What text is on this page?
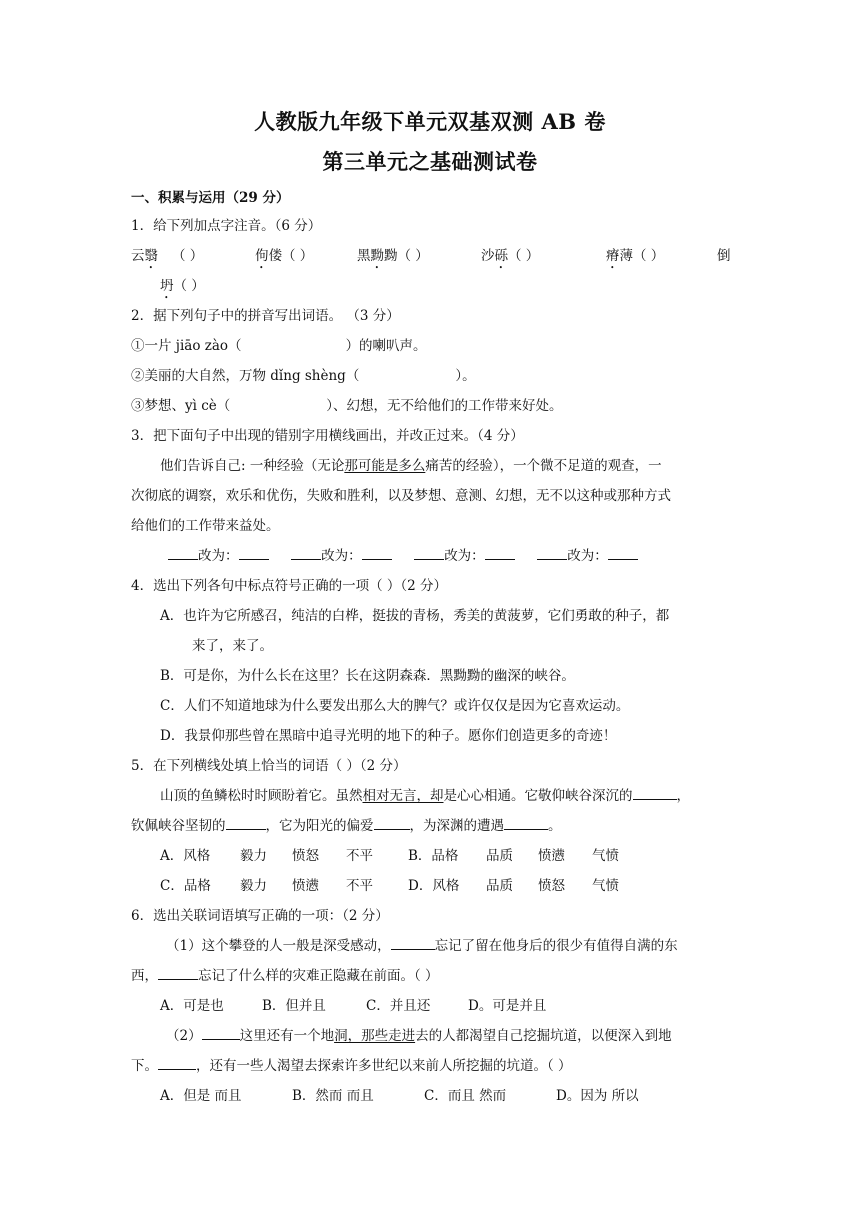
人教版九年级下单元双基双测 AB 卷
第三单元之基础测试卷
一、积累与运用（29 分）
1．给下列加点字注音。（6 分）
云翳 （ ）	佝偻（ ）	黑黝黝（ ）	沙砾（ ）	瘠薄（ ）	倒
坍（ ）
2．据下列句子中的拼音写出词语。 （3 分）
①一片 jiāo zào（	）的喇叭声。
②美丽的大自然，万物 dǐng shèng（	）。
③梦想、yì cè（	）、幻想，无不给他们的工作带来好处。
3．把下面句子中出现的错别字用横线画出，并改正过来。（4 分）
他们告诉自己: 一种经验（无论那可能是多么痛苦的经验），一个微不足道的观查，一
次彻底的调察，欢乐和优伤，失败和胜利，以及梦想、意测、幻想，无不以这种或那种方式
给他们的工作带来益处。
改为：	改为：	改为：	改为：
4．选出下列各句中标点符号正确的一项（ ）（2 分）
A．也许为它所感召，纯洁的白桦，挺拔的青杨，秀美的黄菠萝，它们勇敢的种子，都
来了，来了。
B．可是你，为什么长在这里？长在这阴森森．黑黝黝的幽深的峡谷。
C．人们不知道地球为什么要发出那么大的脾气？或许仅仅是因为它喜欢运动。
D．我景仰那些曾在黑暗中追寻光明的地下的种子。愿你们创造更多的奇迹！
5．在下列横线处填上恰当的词语（ ）（2 分）
山顶的鱼鳞松时时顾盼着它。虽然相对无言，却是心心相通。它敬仰峡谷深沉的	，
钦佩峡谷坚韧的	，它为阳光的偏爱	，为深渊的遭遇	。
A．风格 毅力 愤怒 不平	B．品格 品质 愤懑 气愤
C．品格 毅力 愤懑 不平	D．风格 品质 愤怒 气愤
6．选出关联词语填写正确的一项：（2 分）
（1）这个攀登的人一般是深受感动，	忘记了留在他身后的很少有值得自满的东
西，	忘记了什么样的灾难正隐藏在前面。（ ）
A．可是也	B．但并且	C．并且还	D。可是并且
（2）	这里还有一个地洞，那些走进去的人都渴望自己挖掘坑道，以便深入到地
下。	，还有一些人渴望去探索许多世纪以来前人所挖掘的坑道。（ ）
A．但是 而且	B．然而 而且	C．而且 然而	D。因为 所以
